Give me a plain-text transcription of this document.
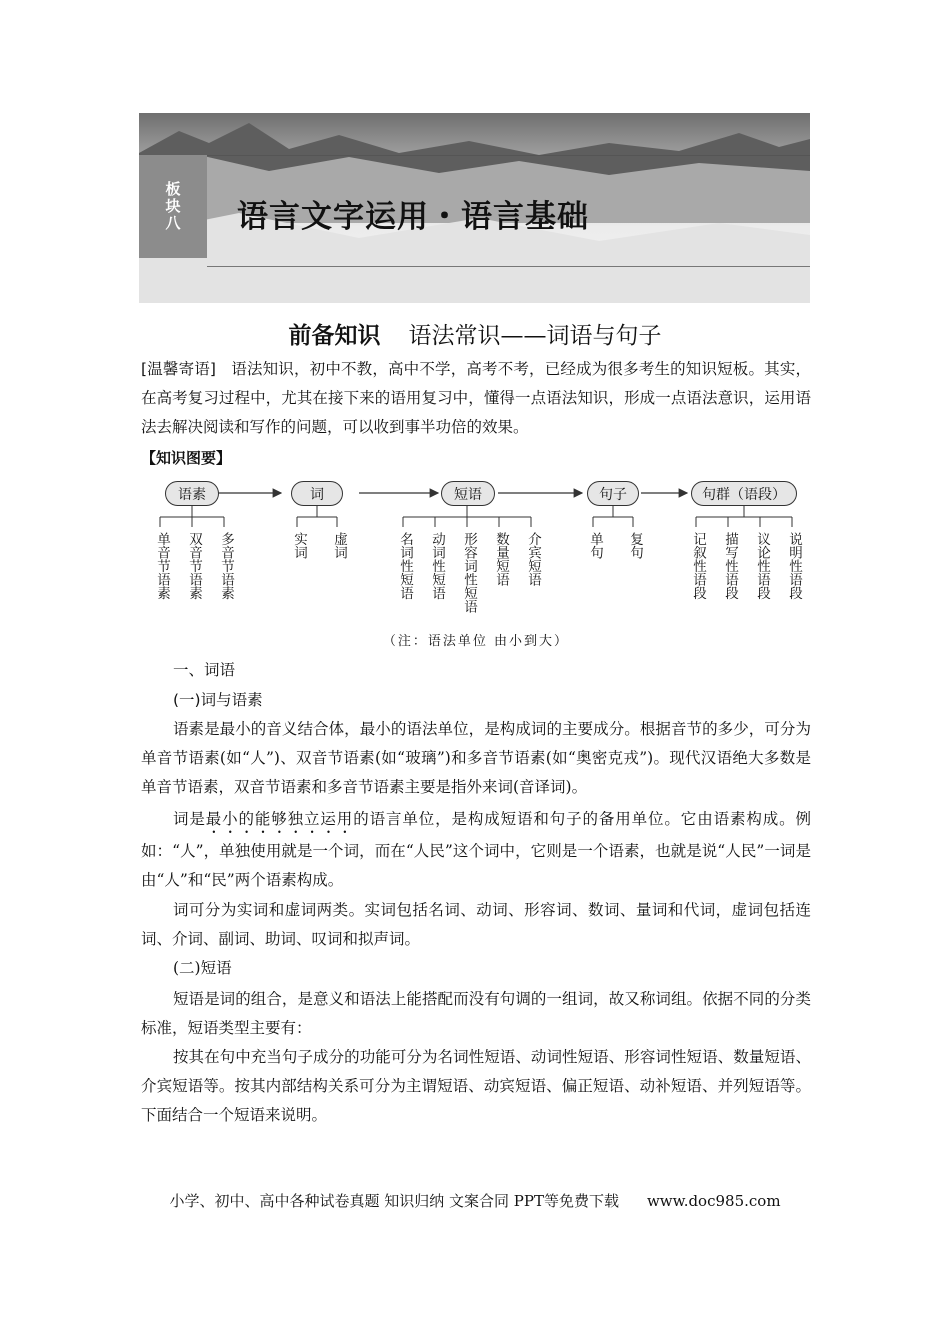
板块八 语言文字运用・语言基础
前备知识 语法常识——词语与句子
[温馨寄语] 语法知识，初中不教，高中不学，高考不考，已经成为很多考生的知识短板。其实，在高考复习过程中，尤其在接下来的语用复习中，懂得一点语法知识，形成一点语法意识，运用语法去解决阅读和写作的问题，可以收到事半功倍的效果。
【知识图要】
语素	词	短语	句子	句群（语段）
单音节语素 双音节语素 多音节语素	实词 虚词	名词性短语 动词性短语 形容词性短语 数量短语 介宾短语	单句 复句	记叙性语段 描写性语段 议论性语段 说明性语段
（注：语法单位 由小到大）
一、词语
(一)词与语素
语素是最小的音义结合体，最小的语法单位，是构成词的主要成分。根据音节的多少，可分为单音节语素(如“人”)、双音节语素(如“玻璃”)和多音节语素(如“奥密克戎”)。现代汉语绝大多数是单音节语素，双音节语素和多音节语素主要是指外来词(音译词)。
词是最小的能够独立运用的语言单位，是构成短语和句子的备用单位。它由语素构成。例如：“人”，单独使用就是一个词，而在“人民”这个词中，它则是一个语素，也就是说“人民”一词是由“人”和“民”两个语素构成。
词可分为实词和虚词两类。实词包括名词、动词、形容词、数词、量词和代词，虚词包括连词、介词、副词、助词、叹词和拟声词。
(二)短语
短语是词的组合，是意义和语法上能搭配而没有句调的一组词，故又称词组。依据不同的分类标准，短语类型主要有：
按其在句中充当句子成分的功能可分为名词性短语、动词性短语、形容词性短语、数量短语、介宾短语等。按其内部结构关系可分为主谓短语、动宾短语、偏正短语、动补短语、并列短语等。下面结合一个短语来说明。
小学、初中、高中各种试卷真题 知识归纳 文案合同 PPT等免费下载 www.doc985.com
